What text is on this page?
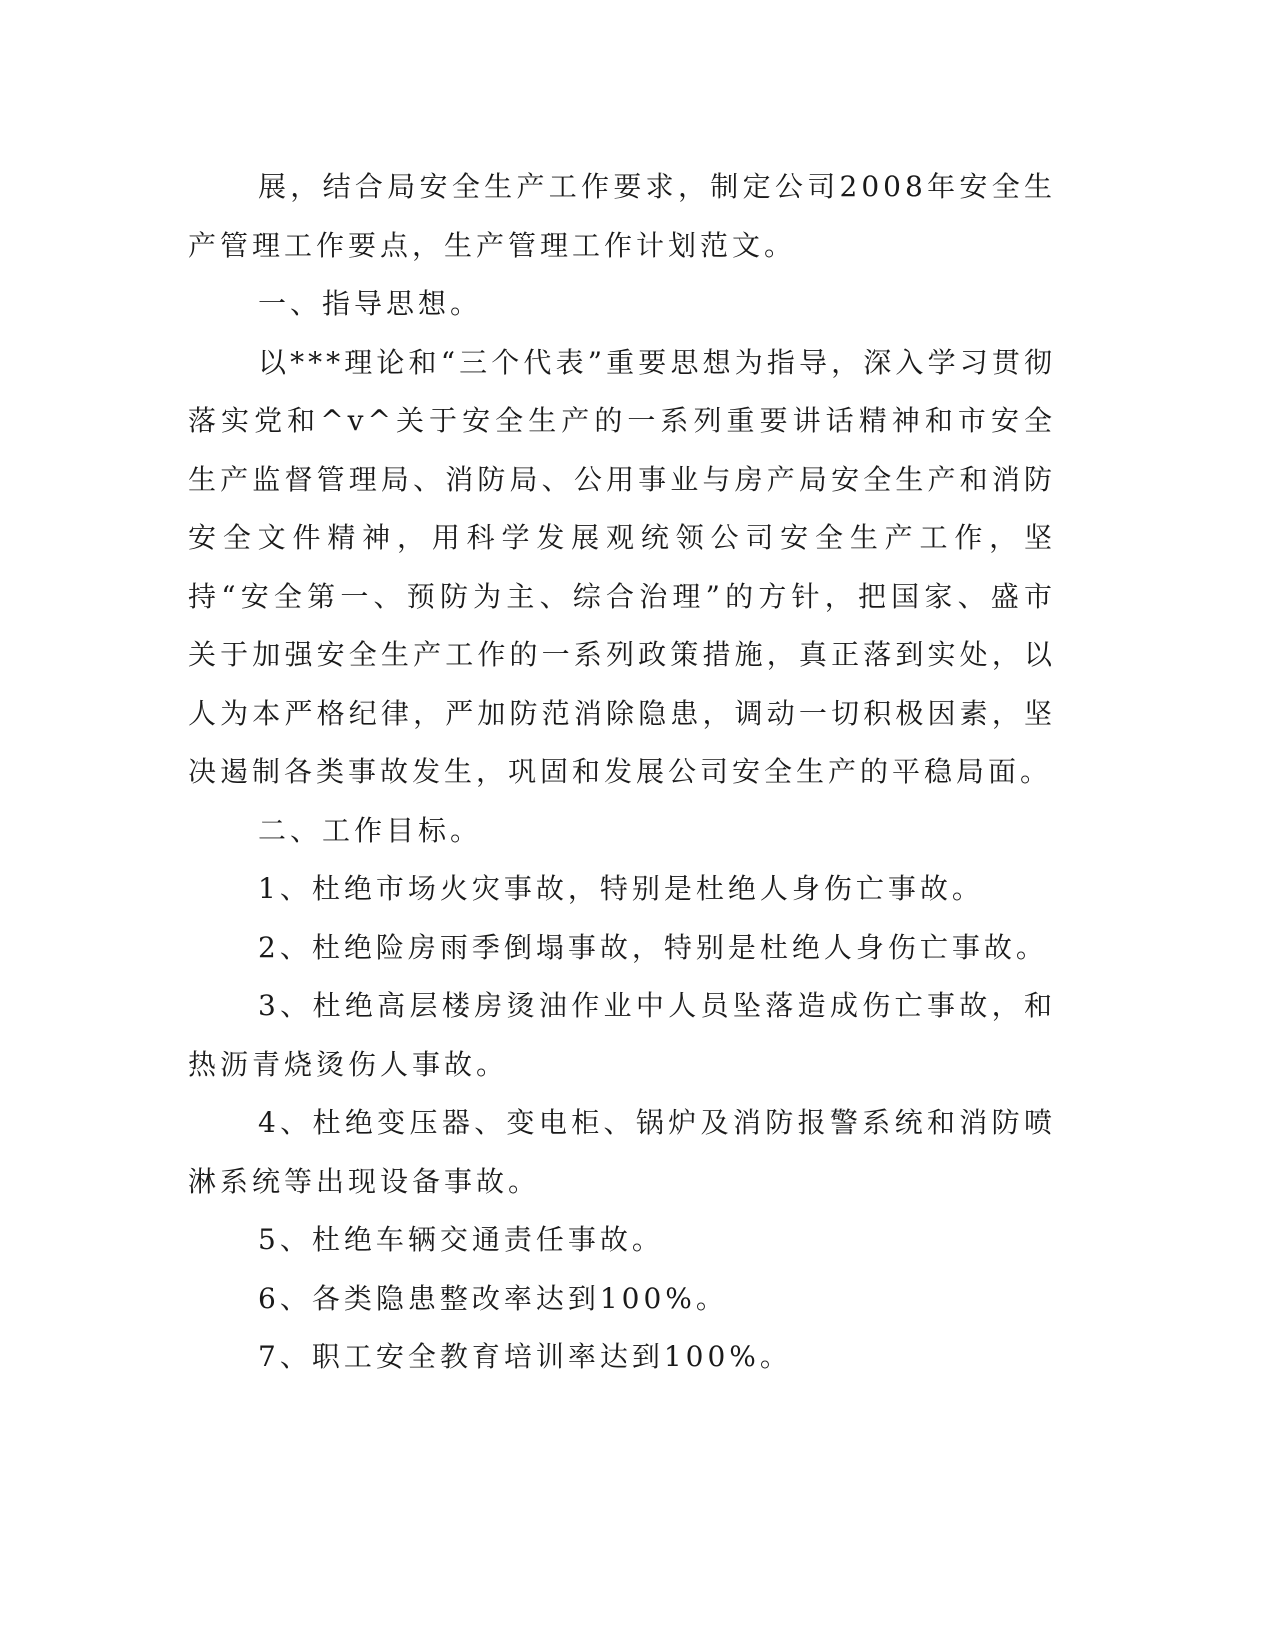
展，结合局安全生产工作要求，制定公司2008年安全生产管理工作要点，生产管理工作计划范文。

一、指导思想。

以***理论和“三个代表”重要思想为指导，深入学习贯彻落实党和^v^关于安全生产的一系列重要讲话精神和市安全生产监督管理局、消防局、公用事业与房产局安全生产和消防安全文件精神，用科学发展观统领公司安全生产工作，坚持“安全第一、预防为主、综合治理”的方针，把国家、盛市关于加强安全生产工作的一系列政策措施，真正落到实处，以人为本严格纪律，严加防范消除隐患，调动一切积极因素，坚决遏制各类事故发生，巩固和发展公司安全生产的平稳局面。

二、工作目标。

1、杜绝市场火灾事故，特别是杜绝人身伤亡事故。

2、杜绝险房雨季倒塌事故，特别是杜绝人身伤亡事故。

3、杜绝高层楼房烫油作业中人员坠落造成伤亡事故，和热沥青烧烫伤人事故。

4、杜绝变压器、变电柜、锅炉及消防报警系统和消防喷淋系统等出现设备事故。

5、杜绝车辆交通责任事故。

6、各类隐患整改率达到100%。

7、职工安全教育培训率达到100%。
